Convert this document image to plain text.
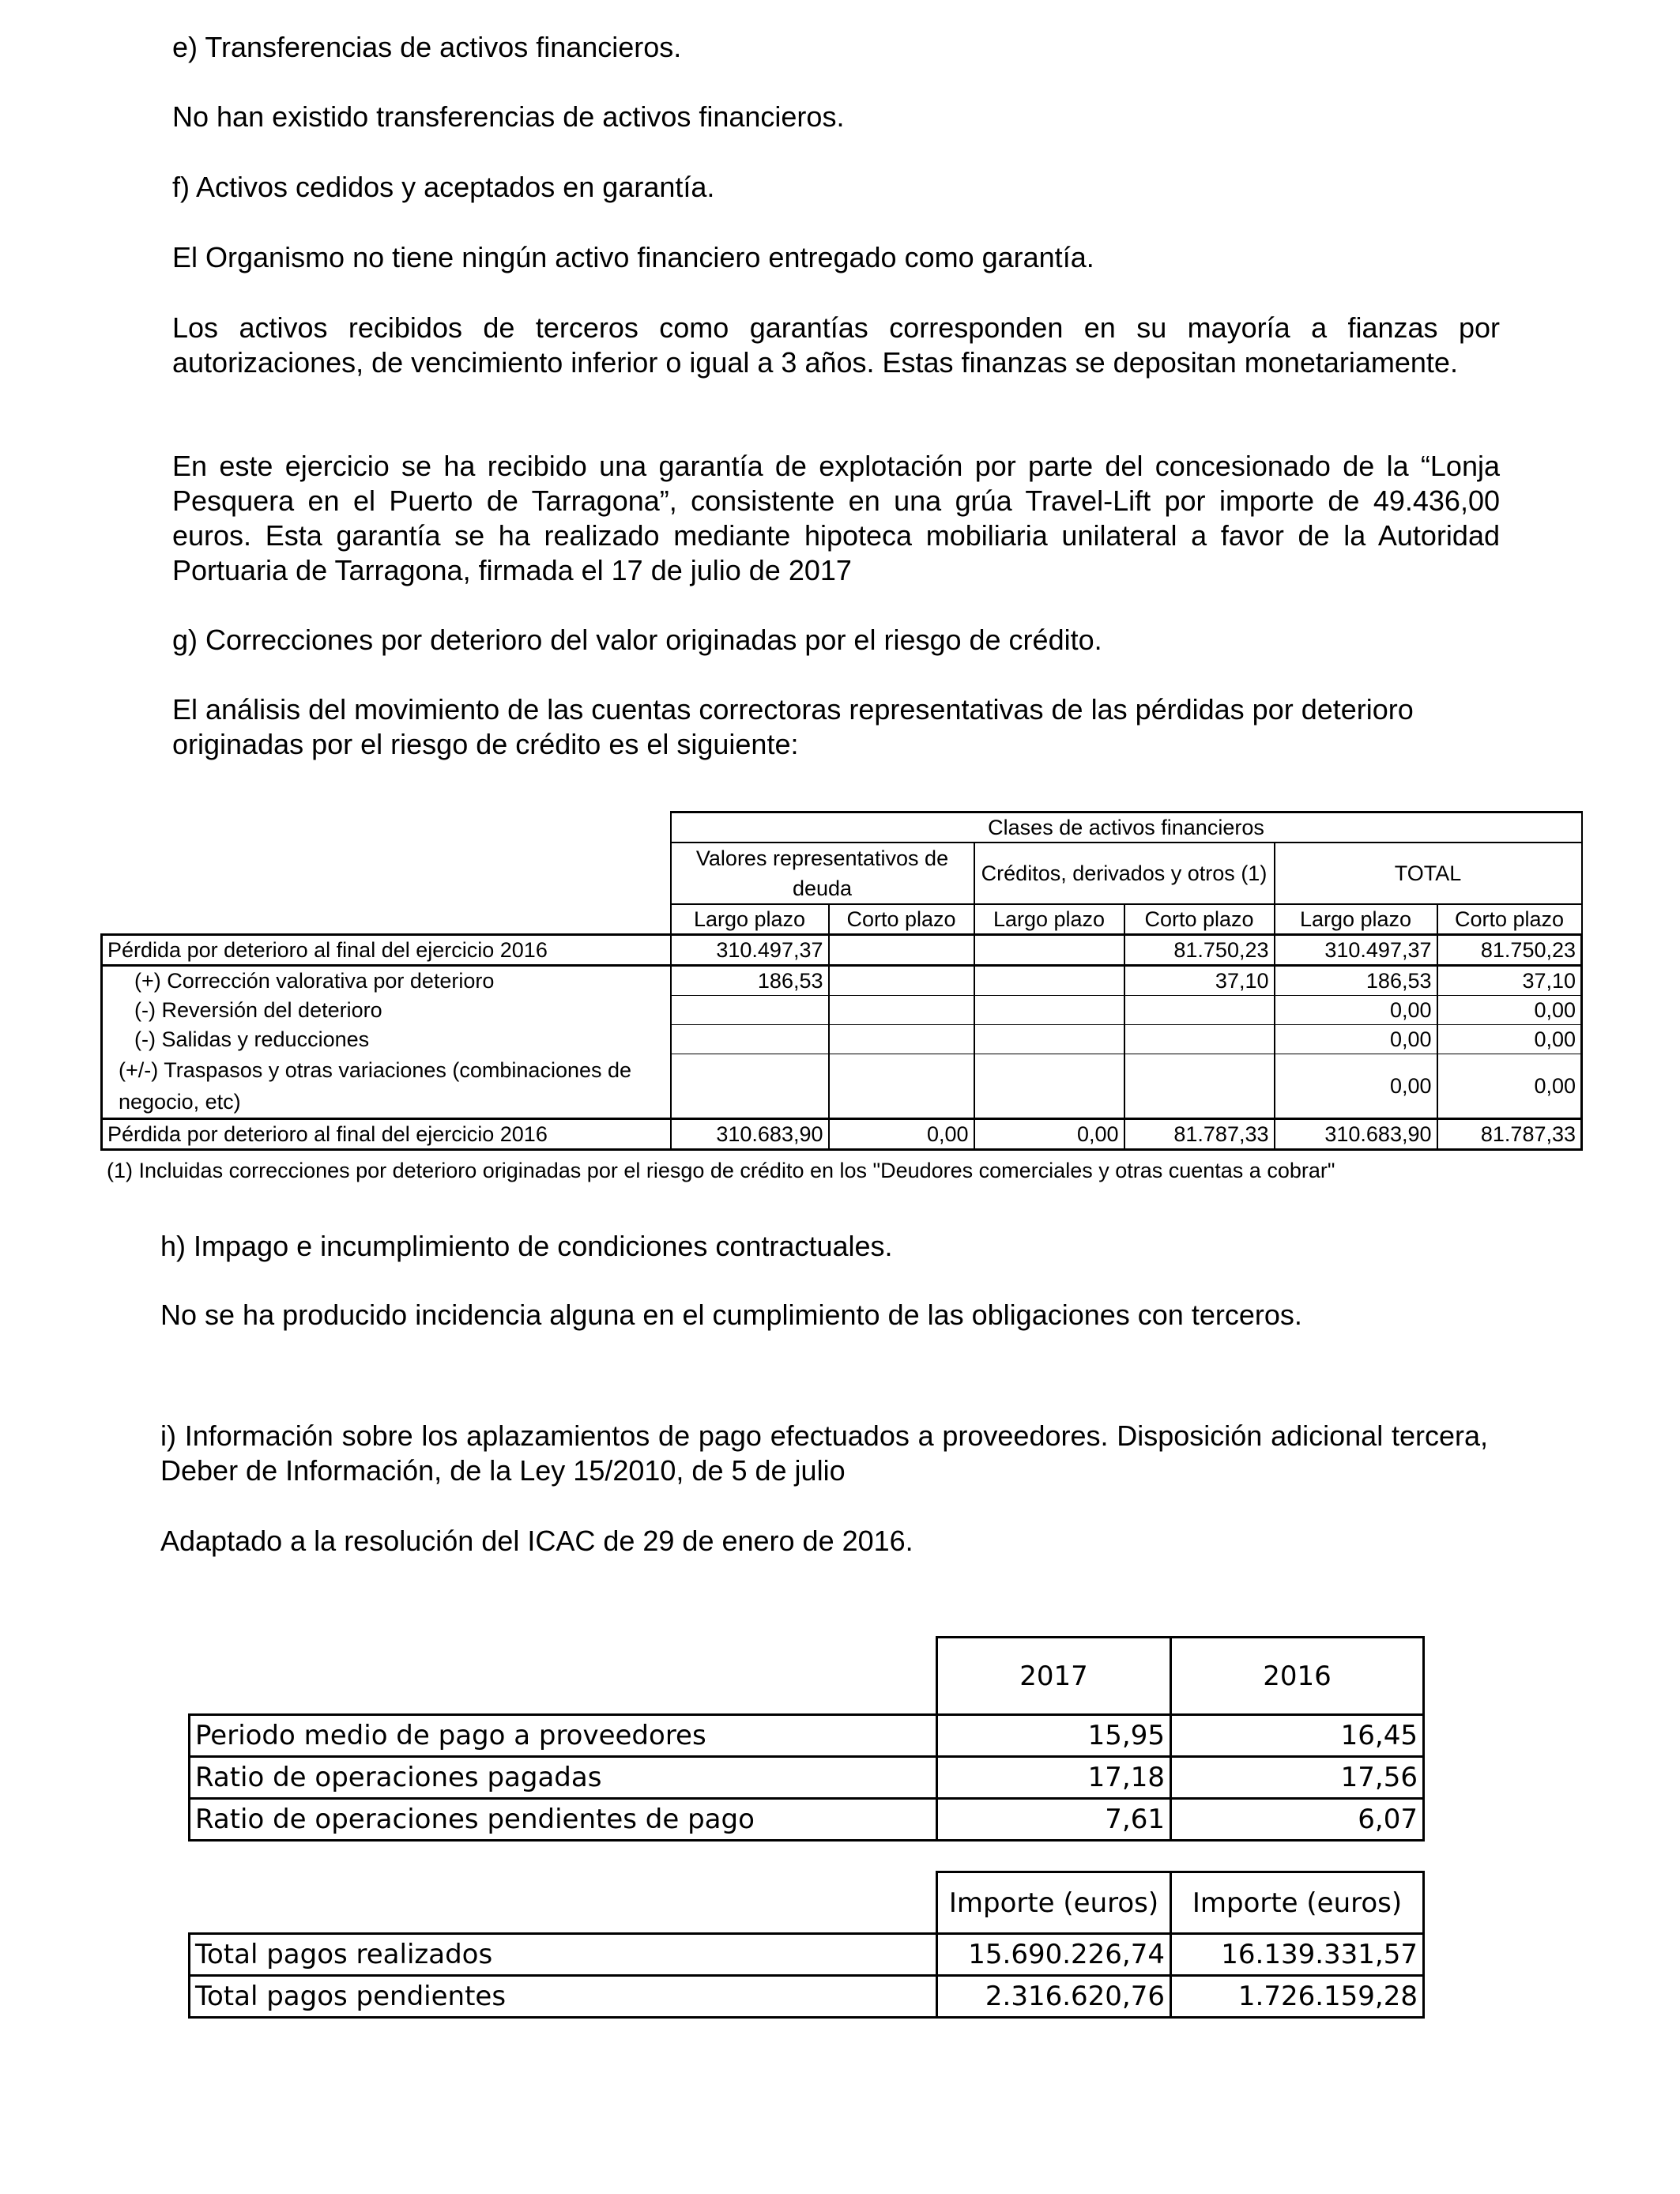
e) Transferencias de activos financieros.

No han existido transferencias de activos financieros.

f) Activos cedidos y aceptados en garantía.

El Organismo no tiene ningún activo financiero entregado como garantía.

Los activos recibidos de terceros como garantías corresponden en su mayoría a fianzas por autorizaciones, de vencimiento inferior o igual a 3 años. Estas finanzas se depositan monetariamente.

En este ejercicio se ha recibido una garantía de explotación por parte del concesionado de la “Lonja Pesquera en el Puerto de Tarragona”, consistente en una grúa Travel-Lift por importe de 49.436,00 euros. Esta garantía se ha realizado mediante hipoteca mobiliaria unilateral a favor de la Autoridad Portuaria de Tarragona, firmada el 17 de julio de 2017

g) Correcciones por deterioro del valor originadas por el riesgo de crédito.

El análisis del movimiento de las cuentas correctoras representativas de las pérdidas por deterioro originadas por el riesgo de crédito es el siguiente:

	Clases de activos financieros					
	Valores representativos de deuda		Créditos, derivados y otros (1)		TOTAL	
	Largo plazo	Corto plazo	Largo plazo	Corto plazo	Largo plazo	Corto plazo
Pérdida por deterioro al final del ejercicio 2016	310.497,37			81.750,23	310.497,37	81.750,23
(+) Corrección valorativa por deterioro	186,53			37,10	186,53	37,10
(-) Reversión del deterioro					0,00	0,00
(-) Salidas y reducciones					0,00	0,00
(+/-) Traspasos y otras variaciones (combinaciones de negocio, etc)					0,00	0,00
Pérdida por deterioro al final del ejercicio 2016	310.683,90	0,00	0,00	81.787,33	310.683,90	81.787,33
(1) Incluidas correcciones por deterioro originadas por el riesgo de crédito en los "Deudores comerciales y otras cuentas a cobrar"

h) Impago e incumplimiento de condiciones contractuales.

No se ha producido incidencia alguna en el cumplimiento de las obligaciones con terceros.

i) Información sobre los aplazamientos de pago efectuados a proveedores. Disposición adicional tercera, Deber de Información, de la Ley 15/2010, de 5 de julio

Adaptado a la resolución del ICAC de 29 de enero de 2016.

	2017	2016
Periodo medio de pago a proveedores	15,95	16,45
Ratio de operaciones pagadas	17,18	17,56
Ratio de operaciones pendientes de pago	7,61	6,07
	Importe (euros)	Importe (euros)
Total pagos realizados	15.690.226,74	16.139.331,57
Total pagos pendientes	2.316.620,76	1.726.159,28
